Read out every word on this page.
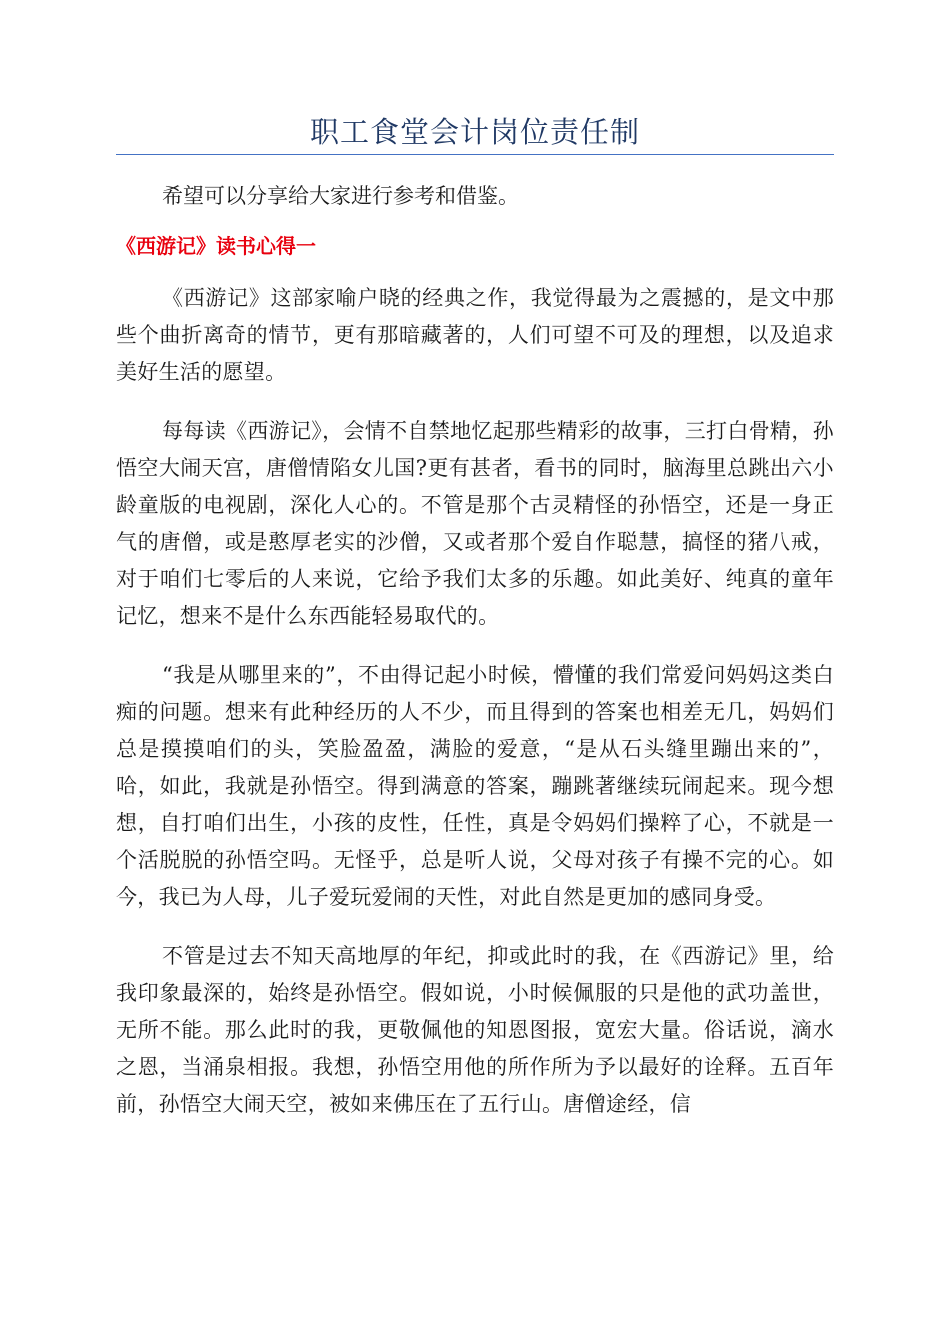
职工食堂会计岗位责任制

希望可以分享给大家进行参考和借鉴。

《西游记》读书心得一

《西游记》这部家喻户晓的经典之作，我觉得最为之震撼的，是文中那些个曲折离奇的情节，更有那暗藏著的，人们可望不可及的理想，以及追求美好生活的愿望。

每每读《西游记》，会情不自禁地忆起那些精彩的故事，三打白骨精，孙悟空大闹天宫，唐僧情陷女儿国?更有甚者，看书的同时，脑海里总跳出六小龄童版的电视剧，深化人心的。不管是那个古灵精怪的孙悟空，还是一身正气的唐僧，或是憨厚老实的沙僧，又或者那个爱自作聪慧，搞怪的猪八戒，对于咱们七零后的人来说，它给予我们太多的乐趣。如此美好、纯真的童年记忆，想来不是什么东西能轻易取代的。

“我是从哪里来的”，不由得记起小时候，懵懂的我们常爱问妈妈这类白痴的问题。想来有此种经历的人不少，而且得到的答案也相差无几，妈妈们总是摸摸咱们的头，笑脸盈盈，满脸的爱意，“是从石头缝里蹦出来的”，哈，如此，我就是孙悟空。得到满意的答案，蹦跳著继续玩闹起来。现今想想，自打咱们出生，小孩的皮性，任性，真是令妈妈们操粹了心，不就是一个活脱脱的孙悟空吗。无怪乎，总是听人说，父母对孩子有操不完的心。如今，我已为人母，儿子爱玩爱闹的天性，对此自然是更加的感同身受。

不管是过去不知天高地厚的年纪，抑或此时的我，在《西游记》里，给我印象最深的，始终是孙悟空。假如说，小时候佩服的只是他的武功盖世，无所不能。那么此时的我，更敬佩他的知恩图报，宽宏大量。俗话说，滴水之恩，当涌泉相报。我想，孙悟空用他的所作所为予以最好的诠释。五百年前，孙悟空大闹天空，被如来佛压在了五行山。唐僧途经，信
